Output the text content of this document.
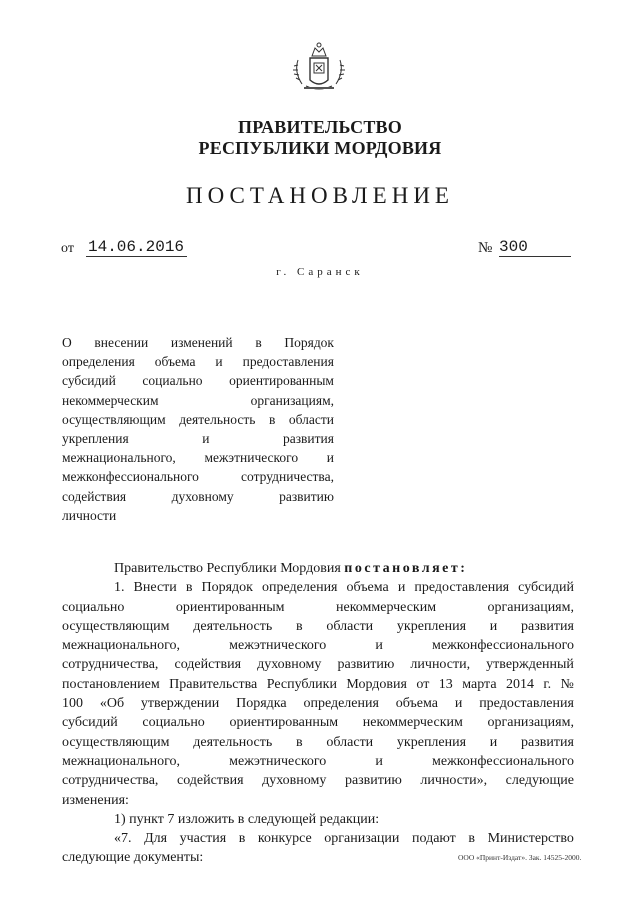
ПРАВИТЕЛЬСТВО
РЕСПУБЛИКИ МОРДОВИЯ
ПОСТАНОВЛЕНИЕ
от 14.06.2016	№ 300
г. Саранск
О внесении изменений в Порядок
определения объема и предоставления
субсидий социально ориентированным
некоммерческим	организациям,
осуществляющим деятельность в области
укрепления	и	развития
межнационального, межэтнического и
межконфессионального	сотрудничества,
содействия	духовному	развитию
личности
Правительство Республики Мордовия постановляет:
1. Внести в Порядок определения объема и предоставления субсидий
социально	ориентированным	некоммерческим	организациям,
осуществляющим деятельность в области укрепления и развития
межнационального,	межэтнического	и	межконфессионального
сотрудничества, содействия духовному развитию личности, утвержденный
постановлением Правительства Республики Мордовия от 13 марта 2014 г. №
100 «Об утверждении Порядка определения объема и предоставления
субсидий социально ориентированным некоммерческим организациям,
осуществляющим деятельность в области укрепления и развития
межнационального,	межэтнического	и	межконфессионального
сотрудничества, содействия духовному развитию личности», следующие
изменения:
1) пункт 7 изложить в следующей редакции:
«7. Для участия в конкурсе организации подают в Министерство
следующие документы:	ООО «Принт-Издат». Зак. 14525-2000.
